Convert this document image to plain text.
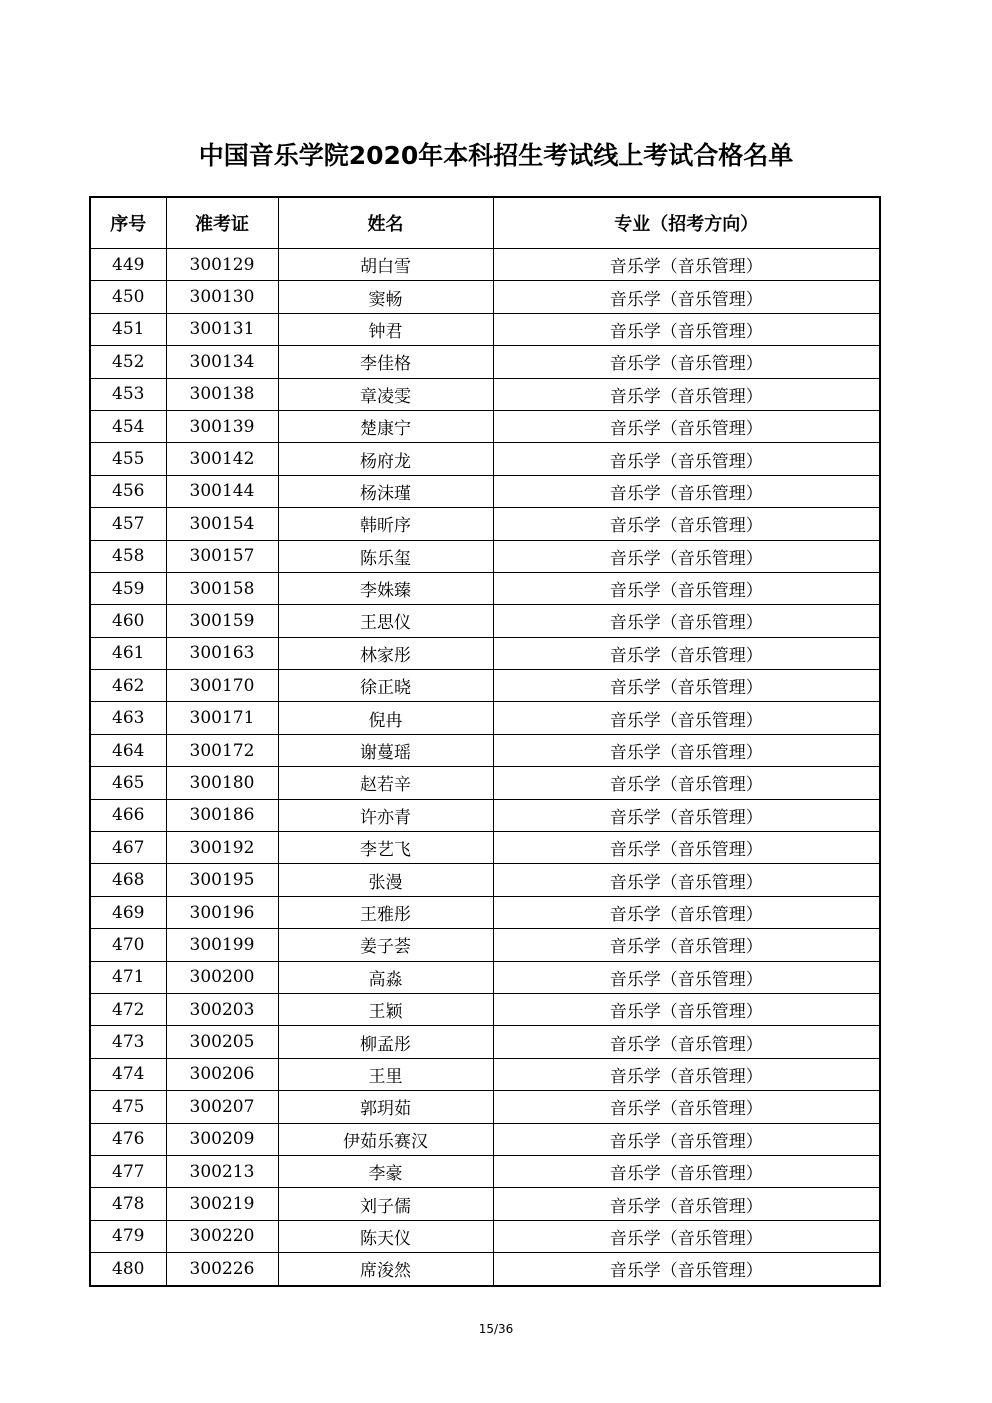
中国音乐学院2020年本科招生考试线上考试合格名单
序号	准考证	姓名	专业（招考方向）
449	300129	胡白雪	音乐学（音乐管理）
450	300130	窦畅	音乐学（音乐管理）
451	300131	钟君	音乐学（音乐管理）
452	300134	李佳格	音乐学（音乐管理）
453	300138	章凌雯	音乐学（音乐管理）
454	300139	楚康宁	音乐学（音乐管理）
455	300142	杨府龙	音乐学（音乐管理）
456	300144	杨沫瑾	音乐学（音乐管理）
457	300154	韩昕序	音乐学（音乐管理）
458	300157	陈乐玺	音乐学（音乐管理）
459	300158	李姝臻	音乐学（音乐管理）
460	300159	王思仪	音乐学（音乐管理）
461	300163	林家彤	音乐学（音乐管理）
462	300170	徐正晓	音乐学（音乐管理）
463	300171	倪冉	音乐学（音乐管理）
464	300172	谢蔓瑶	音乐学（音乐管理）
465	300180	赵若辛	音乐学（音乐管理）
466	300186	许亦青	音乐学（音乐管理）
467	300192	李艺飞	音乐学（音乐管理）
468	300195	张漫	音乐学（音乐管理）
469	300196	王雅彤	音乐学（音乐管理）
470	300199	姜子荟	音乐学（音乐管理）
471	300200	高淼	音乐学（音乐管理）
472	300203	王颖	音乐学（音乐管理）
473	300205	柳孟彤	音乐学（音乐管理）
474	300206	王里	音乐学（音乐管理）
475	300207	郭玥茹	音乐学（音乐管理）
476	300209	伊茹乐赛汉	音乐学（音乐管理）
477	300213	李豪	音乐学（音乐管理）
478	300219	刘子儒	音乐学（音乐管理）
479	300220	陈天仪	音乐学（音乐管理）
480	300226	席浚然	音乐学（音乐管理）
15/36
